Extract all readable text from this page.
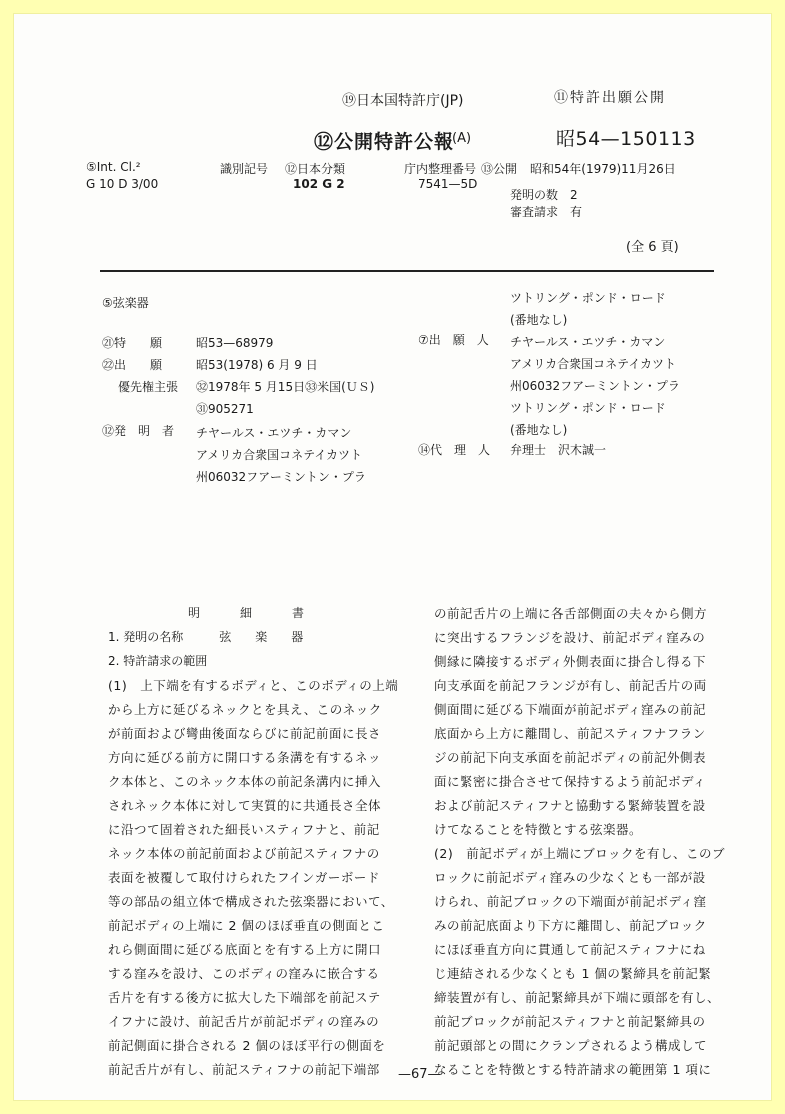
⑲日本国特許庁(JP)	⑪特許出願公開
⑫公開特許公報
(A)	昭54—150113
⑤Int. Cl.²
G 10 D 3/00
識別記号 ⑫日本分類
102 G 2
庁内整理番号
7541—5D
⑬公開 昭和54年(1979)11月26日
発明の数　2
審査請求　有
(全 6 頁)
⑤弦楽器
㉑特　　願	昭53—68979
㉒出　　願	昭53(1978) 6 月 9 日
優先権主張 ㉜1978年 5 月15日㉝米国(ＵＳ)
㉛905271
⑫発　明　者 チヤールス・エツチ・カマン
アメリカ合衆国コネテイカツト
州06032フアーミントン・プラ
ツトリング・ポンド・ロード
(番地なし)
⑦出　願　人 チヤールス・エツチ・カマン
アメリカ合衆国コネテイカツト
州06032フアーミントン・プラ
ツトリング・ポンド・ロード
(番地なし)
⑭代　理　人 弁理士　沢木誠一
明　　　細　　　書
1. 発明の名称　　　弦　　楽　　器
2. 特許請求の範囲

(1)　上下端を有するボディと、このボディの上端

から上方に延びるネックとを具え、このネック

が前面および彎曲後面ならびに前記前面に長さ

方向に延びる前方に開口する条溝を有するネッ

ク本体と、このネック本体の前記条溝内に挿入

されネック本体に対して実質的に共通長さ全体

に沿つて固着された細長いスティフナと、前記

ネック本体の前記前面および前記スティフナの

表面を被覆して取付けられたフインガーボード

等の部品の組立体で構成された弦楽器において、

前記ボディの上端に 2 個のほぼ垂直の側面とこ

れら側面間に延びる底面とを有する上方に開口

する窪みを設け、このボディの窪みに嵌合する

舌片を有する後方に拡大した下端部を前記ステ

イフナに設け、前記舌片が前記ボディの窪みの

前記側面に掛合される 2 個のほぼ平行の側面を

前記舌片が有し、前記スティフナの前記下端部

の前記舌片の上端に各舌部側面の夫々から側方

に突出するフランジを設け、前記ボディ窪みの

側縁に隣接するボディ外側表面に掛合し得る下

向支承面を前記フランジが有し、前記舌片の両

側面間に延びる下端面が前記ボディ窪みの前記

底面から上方に離間し、前記スティフナフラン

ジの前記下向支承面を前記ボディの前記外側表

面に緊密に掛合させて保持するよう前記ボディ

および前記スティフナと協動する緊締装置を設

けてなることを特徴とする弦楽器。

(2)　前記ボディが上端にブロックを有し、このブ

ロックに前記ボディ窪みの少なくとも一部が設

けられ、前記ブロックの下端面が前記ボディ窪

みの前記底面より下方に離間し、前記ブロック

にほぼ垂直方向に貫通して前記スティフナにね

じ連結される少なくとも 1 個の緊締具を前記緊

締装置が有し、前記緊締具が下端に頭部を有し、

前記ブロックが前記スティフナと前記緊締具の

前記頭部との間にクランプされるよう構成して

なることを特徴とする特許請求の範囲第 1 項に

—67—
